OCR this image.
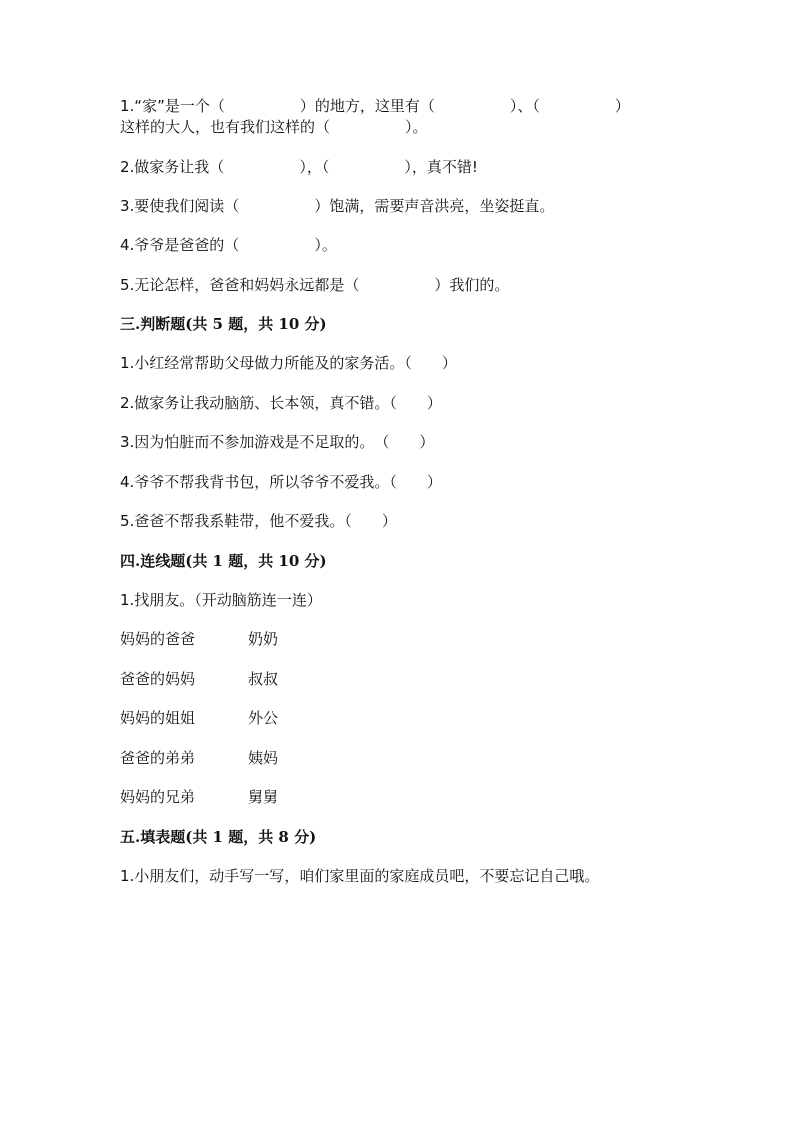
1.“家”是一个（　　　　　）的地方，这里有（　　　　　）、（　　　　　）
这样的大人，也有我们这样的（　　　　　）。
2.做家务让我（　　　　　），（　　　　　），真不错!
3.要使我们阅读（　　　　　）饱满，需要声音洪亮，坐姿挺直。
4.爷爷是爸爸的（　　　　　）。
5.无论怎样，爸爸和妈妈永远都是（　　　　　）我们的。
三.判断题(共 5 题，共 10 分)
1.小红经常帮助父母做力所能及的家务活。（　　）
2.做家务让我动脑筋、长本领，真不错。（　　）
3.因为怕脏而不参加游戏是不足取的。　（　　）
4.爷爷不帮我背书包，所以爷爷不爱我。（　　）
5.爸爸不帮我系鞋带，他不爱我。（　　）
四.连线题(共 1 题，共 10 分)
1.找朋友。（开动脑筋连一连）
妈妈的爸爸	奶奶
爸爸的妈妈	叔叔
妈妈的姐姐	外公
爸爸的弟弟	姨妈
妈妈的兄弟	舅舅
五.填表题(共 1 题，共 8 分)
1.小朋友们，动手写一写，咱们家里面的家庭成员吧，不要忘记自己哦。
